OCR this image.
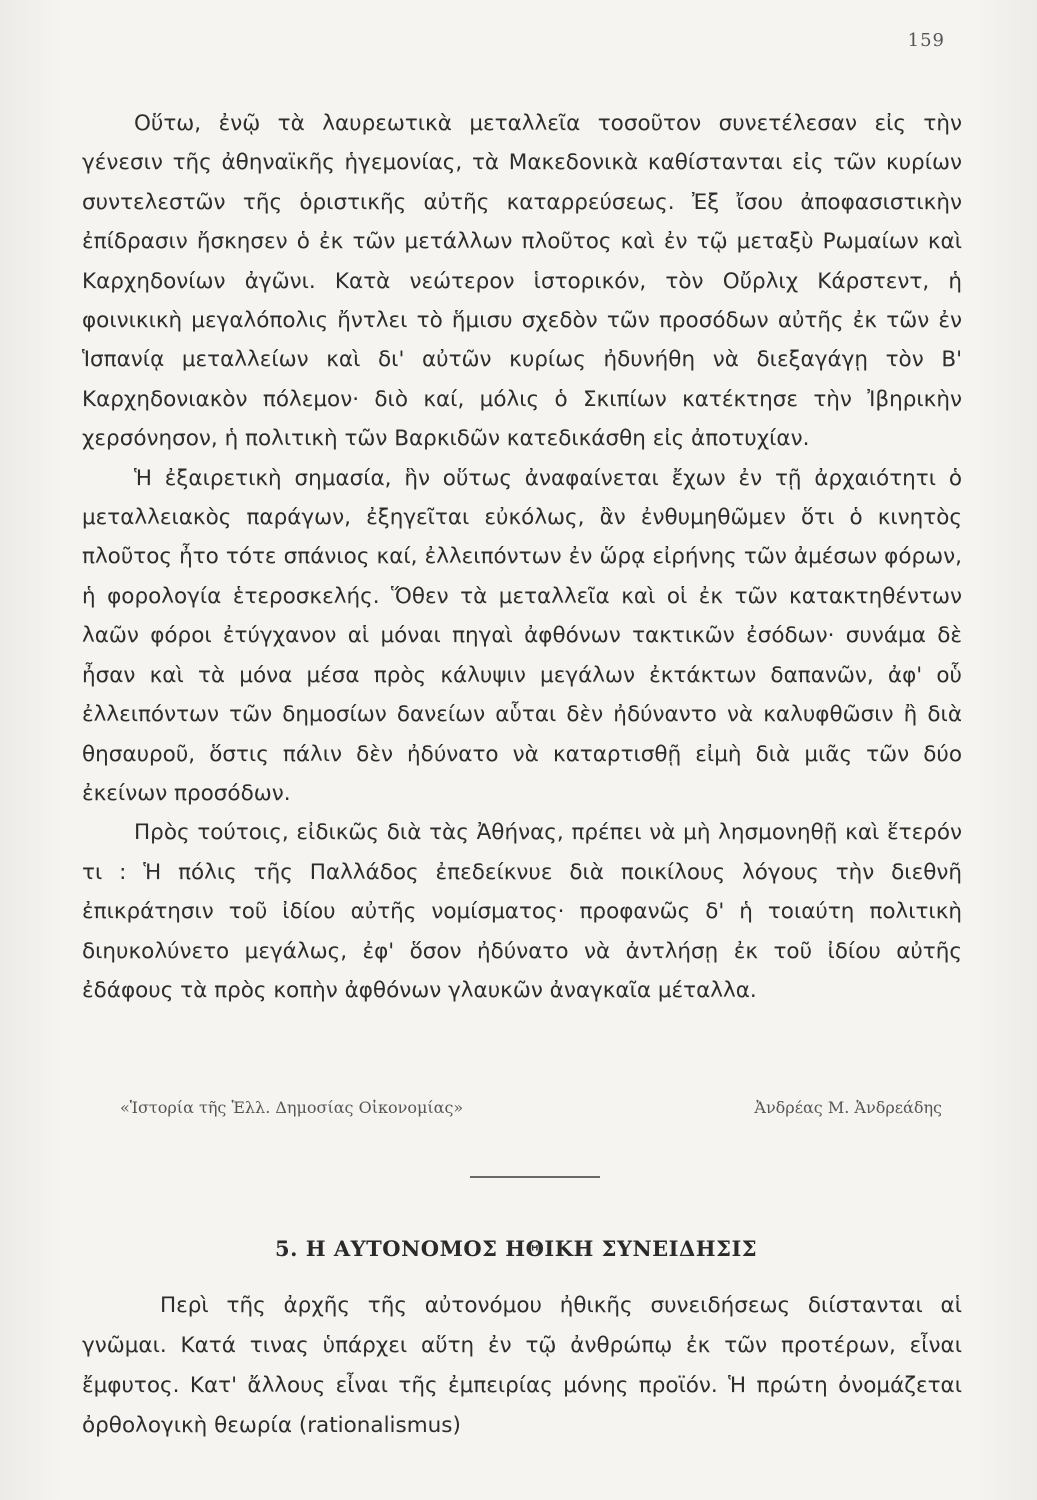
159

Οὕτω, ἐνῷ τὰ λαυρεωτικὰ μεταλλεῖα τοσοῦτον συνετέλεσαν εἰς τὴν γένεσιν τῆς ἀθηναϊκῆς ἡγεμονίας, τὰ Μακεδονικὰ καθίστανται εἰς τῶν κυρίων συντελεστῶν τῆς ὁριστικῆς αὐτῆς καταρρεύσεως. Ἐξ ἴσου ἀποφασιστικὴν ἐπίδρασιν ἤσκησεν ὁ ἐκ τῶν μετάλλων πλοῦτος καὶ ἐν τῷ μεταξὺ Ρωμαίων καὶ Καρχηδονίων ἀγῶνι. Κατὰ νεώτερον ἱστορικόν, τὸν Οὔρλιχ Κάρστεντ, ἡ φοινικικὴ μεγαλόπολις ἤντλει τὸ ἥμισυ σχεδὸν τῶν προσόδων αὐτῆς ἐκ τῶν ἐν Ἱσπανίᾳ μεταλλείων καὶ δι' αὐτῶν κυρίως ἠδυνήθη νὰ διεξαγάγῃ τὸν Β' Καρχηδονιακὸν πόλεμον· διὸ καί, μόλις ὁ Σκιπίων κατέκτησε τὴν Ἰβηρικὴν χερσόνησον, ἡ πολιτικὴ τῶν Βαρκιδῶν κατεδικάσθη εἰς ἀποτυχίαν.

Ἡ ἐξαιρετικὴ σημασία, ἣν οὕτως ἀναφαίνεται ἔχων ἐν τῇ ἀρχαιότητι ὁ μεταλλειακὸς παράγων, ἐξηγεῖται εὐκόλως, ἂν ἐνθυμηθῶμεν ὅτι ὁ κινητὸς πλοῦτος ἦτο τότε σπάνιος καί, ἐλλειπόντων ἐν ὥρᾳ εἰρήνης τῶν ἀμέσων φόρων, ἡ φορολογία ἑτεροσκελής. Ὅθεν τὰ μεταλλεῖα καὶ οἱ ἐκ τῶν κατακτηθέντων λαῶν φόροι ἐτύγχανον αἱ μόναι πηγαὶ ἀφθόνων τακτικῶν ἐσόδων· συνάμα δὲ ἦσαν καὶ τὰ μόνα μέσα πρὸς κάλυψιν μεγάλων ἐκτάκτων δαπανῶν, ἀφ' οὗ ἐλλειπόντων τῶν δημοσίων δανείων αὗται δὲν ἠδύναντο νὰ καλυφθῶσιν ἢ διὰ θησαυροῦ, ὅστις πάλιν δὲν ἠδύνατο νὰ καταρτισθῇ εἰμὴ διὰ μιᾶς τῶν δύο ἐκείνων προσόδων.

Πρὸς τούτοις, εἰδικῶς διὰ τὰς Ἀθήνας, πρέπει νὰ μὴ λησμονηθῇ καὶ ἕτερόν τι : Ἡ πόλις τῆς Παλλάδος ἐπεδείκνυε διὰ ποικίλους λόγους τὴν διεθνῆ ἐπικράτησιν τοῦ ἰδίου αὐτῆς νομίσματος· προφανῶς δ' ἡ τοιαύτη πολιτικὴ διηυκολύνετο μεγάλως, ἐφ' ὅσον ἠδύνατο νὰ ἀντλήσῃ ἐκ τοῦ ἰδίου αὐτῆς ἐδάφους τὰ πρὸς κοπὴν ἀφθόνων γλαυκῶν ἀναγκαῖα μέταλλα.

«Ἱστορία τῆς Ἑλλ. Δημοσίας Οἰκονομίας»	Ἀνδρέας Μ. Ἀνδρεάδης
5. Η ΑΥΤΟΝΟΜΟΣ ΗΘΙΚΗ ΣΥΝΕΙΔΗΣΙΣ

Περὶ τῆς ἀρχῆς τῆς αὐτονόμου ἠθικῆς συνειδήσεως διίστανται αἱ γνῶμαι. Κατά τινας ὑπάρχει αὕτη ἐν τῷ ἀνθρώπῳ ἐκ τῶν προτέρων, εἶναι ἔμφυτος. Κατ' ἄλλους εἶναι τῆς ἐμπειρίας μόνης προϊόν. Ἡ πρώτη ὀνομάζεται ὀρθολογικὴ θεωρία (rationalismus)
